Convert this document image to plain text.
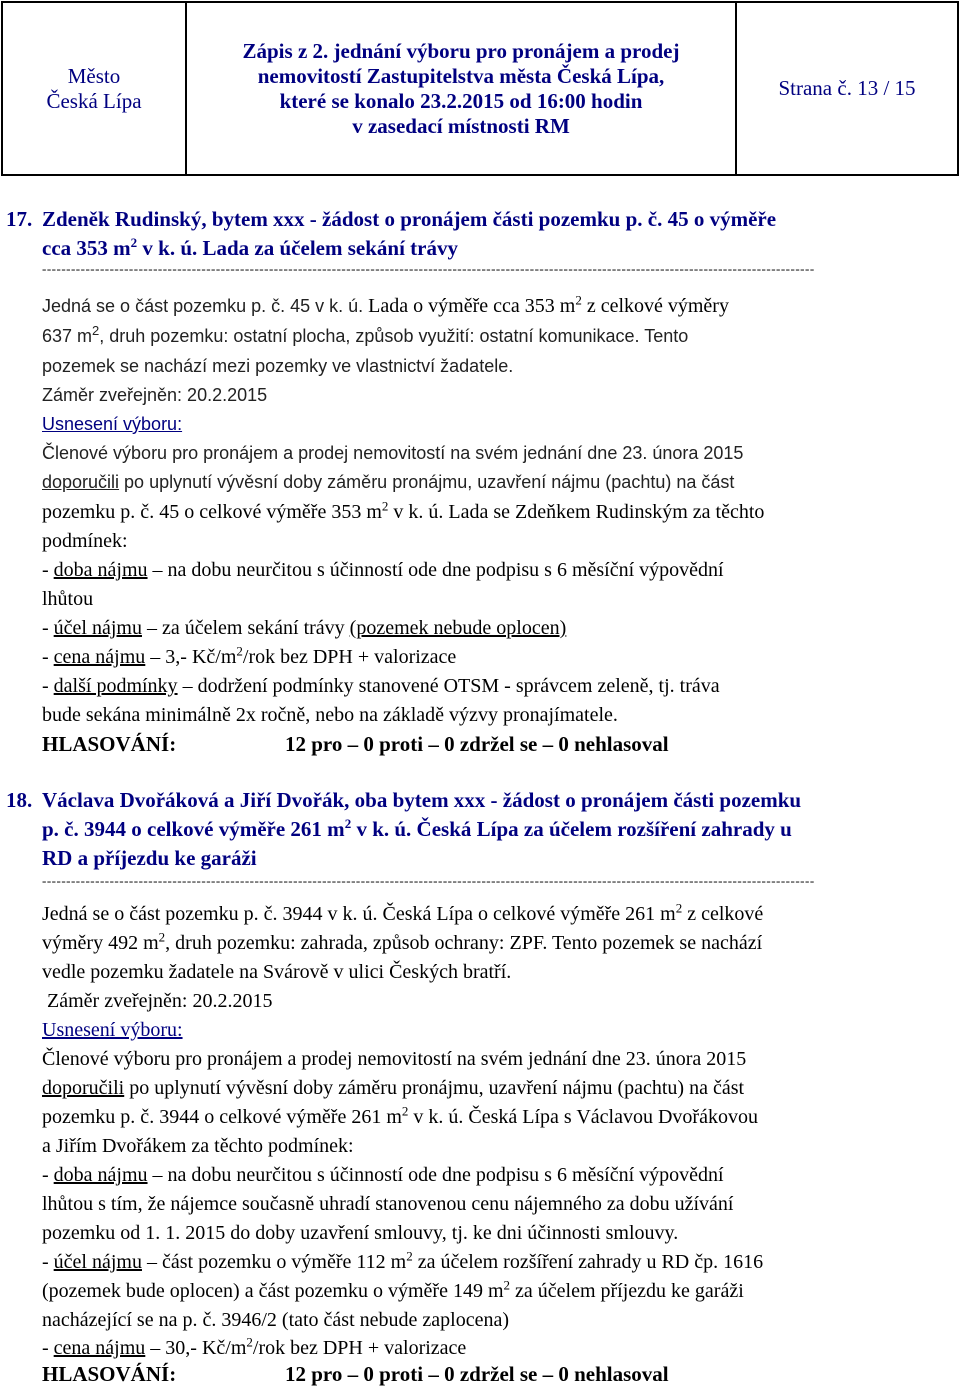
Město
Česká Lípa
Zápis z 2. jednání výboru pro pronájem a prodej
nemovitostí Zastupitelstva města Česká Lípa,
které se konalo 23.2.2015 od 16:00 hodin
v zasedací místnosti RM
Strana č. 13 / 15
17. Zdeněk Rudinský, bytem xxx - žádost o pronájem části pozemku p. č. 45 o výměře
cca 353 $m^2$ v k. ú. Lada za účelem sekání trávy
----------------------------------------------------------------------------------------------------------------------------------------------------------------
Jedná se o část pozemku p. č. 45 v k. ú. Lada o výměře cca 353 $m^2$ z celkové výměry
637 $m^2$, druh pozemku: ostatní plocha, způsob využití: ostatní komunikace. Tento
pozemek se nachází mezi pozemky ve vlastnictví žadatele.
Záměr zveřejněn: 20.2.2015
Usnesení výboru:
Členové výboru pro pronájem a prodej nemovitostí na svém jednání dne 23. února 2015
doporučili po uplynutí vývěsní doby záměru pronájmu, uzavření nájmu (pachtu) na část
pozemku p. č. 45 o celkové výměře 353 $m^2$ v k. ú. Lada se Zdeňkem Rudinským za těchto
podmínek:
- doba nájmu – na dobu neurčitou s účinností ode dne podpisu s 6 měsíční výpovědní
lhůtou
- účel nájmu – za účelem sekání trávy (pozemek nebude oplocen)
- cena nájmu – 3,- $Kč/m^2$/rok bez DPH + valorizace
- další podmínky – dodržení podmínky stanovené OTSM - správcem zeleně, tj. tráva
bude sekána minimálně 2x ročně, nebo na základě výzvy pronajímatele.
HLASOVÁNÍ:	12 pro – 0 proti – 0 zdržel se – 0 nehlasoval
18. Václava Dvořáková a Jiří Dvořák, oba bytem xxx - žádost o pronájem části pozemku
p. č. 3944 o celkové výměře 261 $m^2$ v k. ú. Česká Lípa za účelem rozšíření zahrady u
RD a příjezdu ke garáži
----------------------------------------------------------------------------------------------------------------------------------------------------------------
Jedná se o část pozemku p. č. 3944 v k. ú. Česká Lípa o celkové výměře 261 $m^2$ z celkové
výměry 492 $m^2$, druh pozemku: zahrada, způsob ochrany: ZPF. Tento pozemek se nachází
vedle pozemku žadatele na Svárově v ulici Českých bratří.
Záměr zveřejněn: 20.2.2015
Usnesení výboru:
Členové výboru pro pronájem a prodej nemovitostí na svém jednání dne 23. února 2015
doporučili po uplynutí vývěsní doby záměru pronájmu, uzavření nájmu (pachtu) na část
pozemku p. č. 3944 o celkové výměře 261 $m^2$ v k. ú. Česká Lípa s Václavou Dvořákovou
a Jiřím Dvořákem za těchto podmínek:
- doba nájmu – na dobu neurčitou s účinností ode dne podpisu s 6 měsíční výpovědní
lhůtou s tím, že nájemce současně uhradí stanovenou cenu nájemného za dobu užívání
pozemku od 1. 1. 2015 do doby uzavření smlouvy, tj. ke dni účinnosti smlouvy.
- účel nájmu – část pozemku o výměře 112 $m^2$ za účelem rozšíření zahrady u RD čp. 1616
(pozemek bude oplocen) a část pozemku o výměře 149 $m^2$ za účelem příjezdu ke garáži
nacházející se na p. č. 3946/2 (tato část nebude zaplocena)
- cena nájmu – 30,- $Kč/m^2$/rok bez DPH + valorizace
HLASOVÁNÍ:	12 pro – 0 proti – 0 zdržel se – 0 nehlasoval
